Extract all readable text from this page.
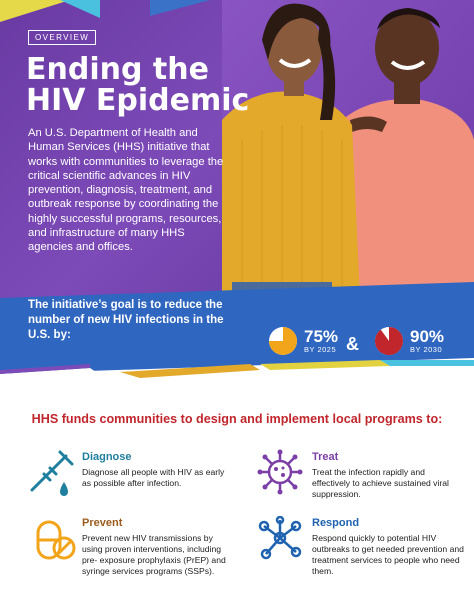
OVERVIEW
Ending the
HIV Epidemic
An U.S. Department of Health and Human Services (HHS) initiative that works with communities to leverage the critical scientific advances in HIV prevention, diagnosis, treatment, and outbreak response by coordinating the highly successful programs, resources, and infrastructure of many HHS agencies and offices.
The initiative’s goal is to reduce the number of new HIV infections in the U.S. by:	75%
BY 2025 &	90%
BY 2030
HHS funds communities to design and implement local programs to:
Diagnose
Diagnose all people with HIV as early as possible after infection.
Treat
Treat the infection rapidly and effectively to achieve sustained viral suppression.
Prevent
Prevent new HIV transmissions by using proven interventions, including pre- exposure prophylaxis (PrEP) and syringe services programs (SSPs).
Respond
Respond quickly to potential HIV outbreaks to get needed prevention and treatment services to people who need them.
